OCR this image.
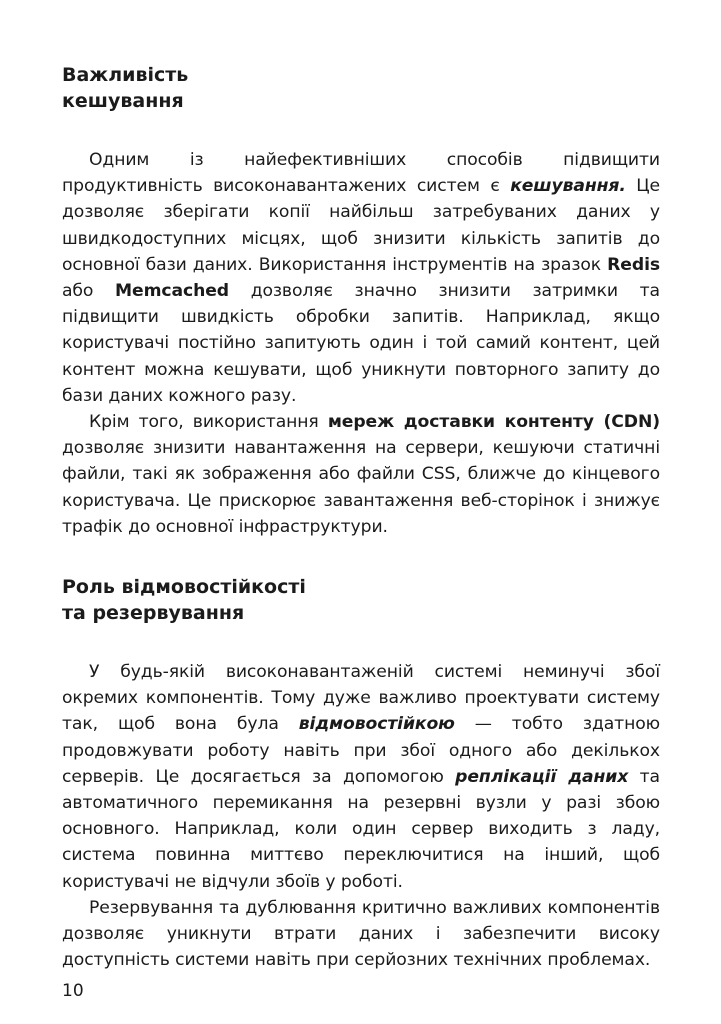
Важливість
кешування

Одним із найефективніших способів підвищити продуктивність високонавантажених систем є кешування. Це дозволяє зберігати копії найбільш затребуваних даних у швидкодоступних місцях, щоб знизити кількість запитів до основної бази даних. Використання інструментів на зразок Redis або Memcached дозволяє значно знизити затримки та підвищити швидкість обробки запитів. Наприклад, якщо користувачі постійно запитують один і той самий контент, цей контент можна кешувати, щоб уникнути повторного запиту до бази даних кожного разу.

Крім того, використання мереж доставки контенту (CDN) дозволяє знизити навантаження на сервери, кешуючи статичні файли, такі як зображення або файли CSS, ближче до кінцевого користувача. Це прискорює завантаження веб-сторінок і знижує трафік до основної інфраструктури.

Роль відмовостійкості
та резервування

У будь-якій високонавантаженій системі неминучі збої окремих компонентів. Тому дуже важливо проектувати систему так, щоб вона була відмовостійкою — тобто здатною продовжувати роботу навіть при збої одного або декількох серверів. Це досягається за допомогою реплікації даних та автоматичного перемикання на резервні вузли у разі збою основного. Наприклад, коли один сервер виходить з ладу, система повинна миттєво переключитися на інший, щоб користувачі не відчули збоїв у роботі.

Резервування та дублювання критично важливих компонентів дозволяє уникнути втрати даних і забезпечити високу доступність системи навіть при серйозних технічних проблемах.

10
